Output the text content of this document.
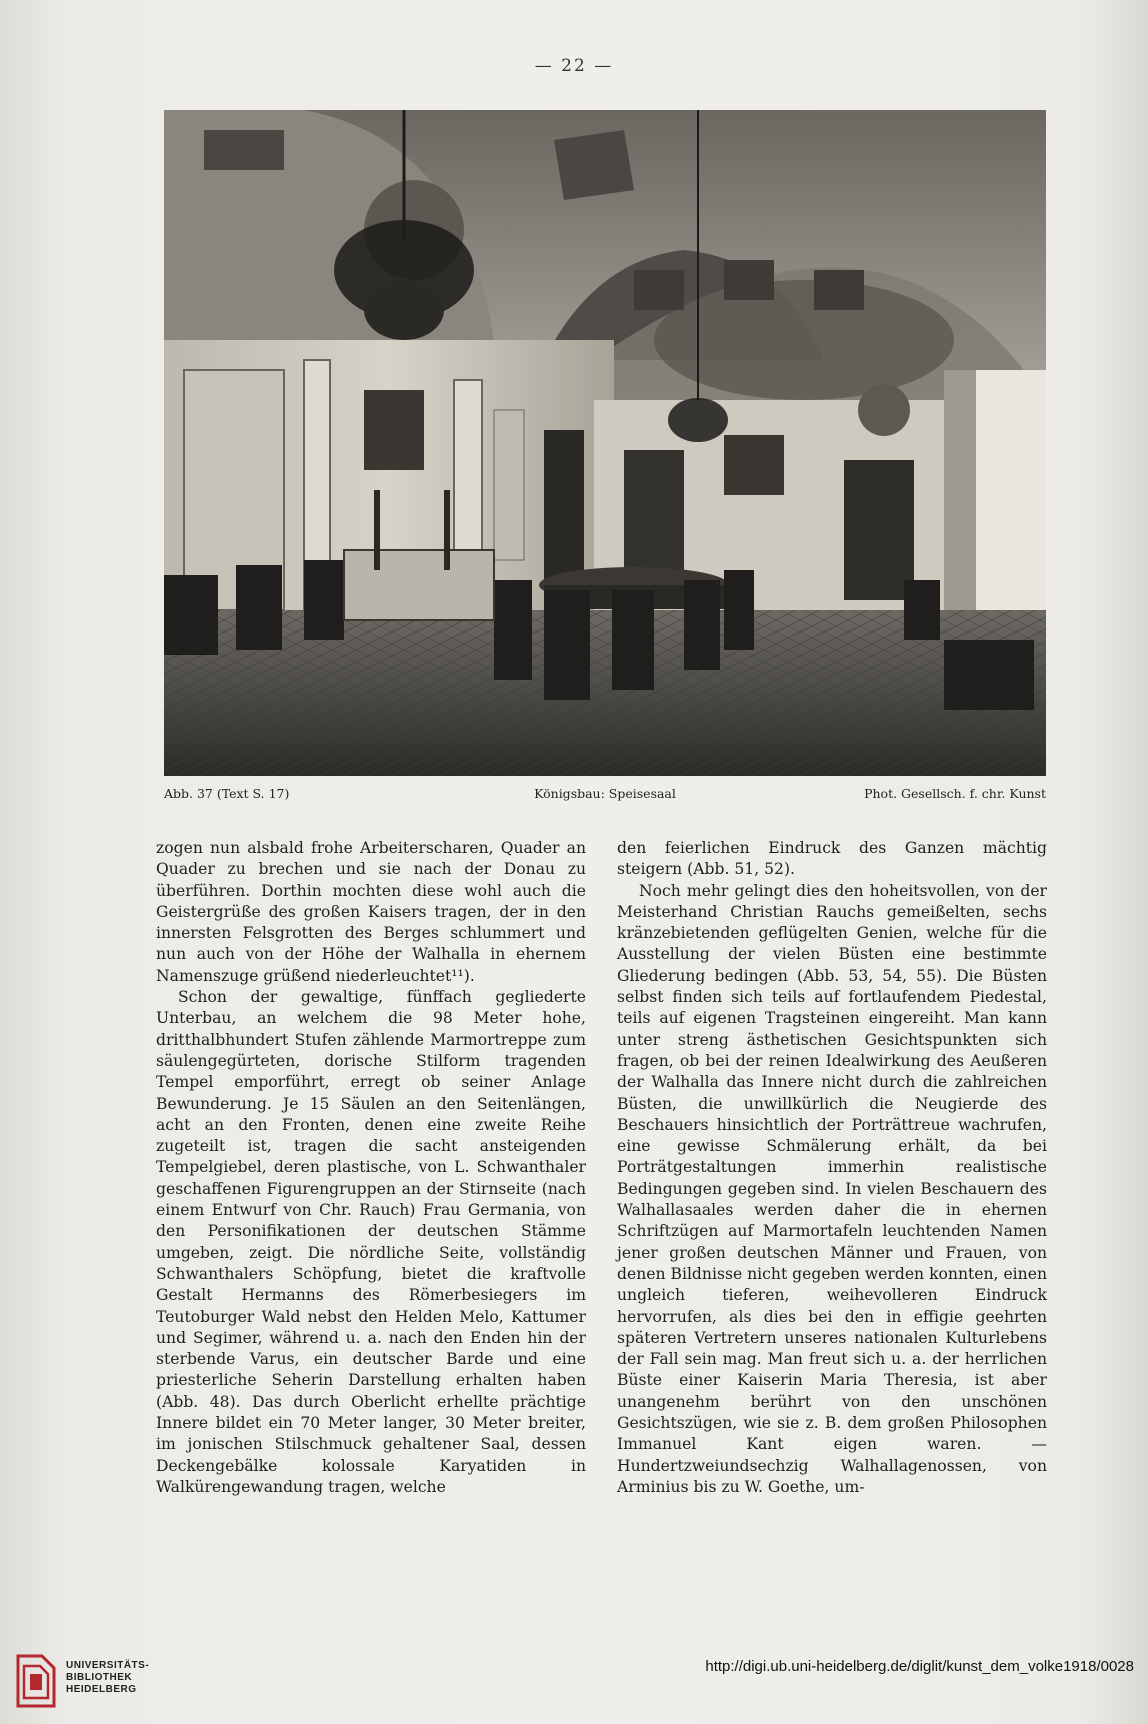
— 22 —
Abb. 37 (Text S. 17)	Königsbau: Speisesaal	Phot. Gesellsch. f. chr. Kunst

zogen nun alsbald frohe Arbeiterscharen, Quader an Quader zu brechen und sie nach der Donau zu überführen. Dorthin mochten diese wohl auch die Geistergrüße des großen Kaisers tragen, der in den innersten Felsgrotten des Berges schlummert und nun auch von der Höhe der Walhalla in ehernem Namenszuge grüßend niederleuchtet¹¹).

Schon der gewaltige, fünffach gegliederte Unterbau, an welchem die 98 Meter hohe, dritthalbhundert Stufen zählende Marmortreppe zum säulengegürteten, dorische Stilform tragenden Tempel emporführt, erregt ob seiner Anlage Bewunderung. Je 15 Säulen an den Seitenlängen, acht an den Fronten, denen eine zweite Reihe zugeteilt ist, tragen die sacht ansteigenden Tempelgiebel, deren plastische, von L. Schwanthaler geschaffenen Figurengruppen an der Stirnseite (nach einem Entwurf von Chr. Rauch) Frau Germania, von den Personifikationen der deutschen Stämme umgeben, zeigt. Die nördliche Seite, vollständig Schwanthalers Schöpfung, bietet die kraftvolle Gestalt Hermanns des Römerbesiegers im Teutoburger Wald nebst den Helden Melo, Kattumer und Segimer, während u. a. nach den Enden hin der sterbende Varus, ein deutscher Barde und eine priesterliche Seherin Darstellung erhalten haben (Abb. 48). Das durch Oberlicht erhellte prächtige Innere bildet ein 70 Meter langer, 30 Meter breiter, im jonischen Stilschmuck gehaltener Saal, dessen Deckengebälke kolossale Karyatiden in Walkürengewandung tragen, welche

den feierlichen Eindruck des Ganzen mächtig steigern (Abb. 51, 52).

Noch mehr gelingt dies den hoheitsvollen, von der Meisterhand Christian Rauchs gemeißelten, sechs kränzebietenden geflügelten Genien, welche für die Ausstellung der vielen Büsten eine bestimmte Gliederung bedingen (Abb. 53, 54, 55). Die Büsten selbst finden sich teils auf fortlaufendem Piedestal, teils auf eigenen Tragsteinen eingereiht. Man kann unter streng ästhetischen Gesichtspunkten sich fragen, ob bei der reinen Idealwirkung des Aeußeren der Walhalla das Innere nicht durch die zahlreichen Büsten, die unwillkürlich die Neugierde des Beschauers hinsichtlich der Porträttreue wachrufen, eine gewisse Schmälerung erhält, da bei Porträtgestaltungen immerhin realistische Bedingungen gegeben sind. In vielen Beschauern des Walhallasaales werden daher die in ehernen Schriftzügen auf Marmortafeln leuchtenden Namen jener großen deutschen Männer und Frauen, von denen Bildnisse nicht gegeben werden konnten, einen ungleich tieferen, weihevolleren Eindruck hervorrufen, als dies bei den in effigie geehrten späteren Vertretern unseres nationalen Kulturlebens der Fall sein mag. Man freut sich u. a. der herrlichen Büste einer Kaiserin Maria Theresia, ist aber unangenehm berührt von den unschönen Gesichtszügen, wie sie z. B. dem großen Philosophen Immanuel Kant eigen waren. — Hundertzweiundsechzig Walhallagenossen, von Arminius bis zu W. Goethe, um-

UNIVERSITÄTS-
BIBLIOTHEK
HEIDELBERG
http://digi.ub.uni-heidelberg.de/diglit/kunst_dem_volke1918/0028
